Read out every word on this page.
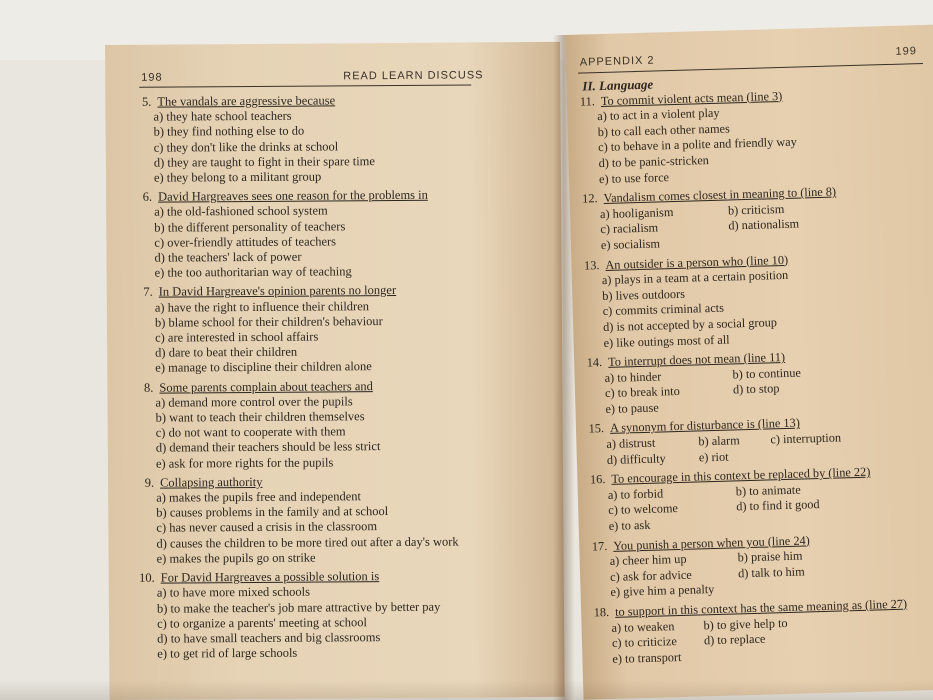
198	READ LEARN DISCUSS
5. The vandals are aggressive because
a) they hate school teachers
b) they find nothing else to do
c) they don't like the drinks at school
d) they are taught to fight in their spare time
e) they belong to a militant group
6. David Hargreaves sees one reason for the problems in
a) the old-fashioned school system
b) the different personality of teachers
c) over-friendly attitudes of teachers
d) the teachers' lack of power
e) the too authoritarian way of teaching
7. In David Hargreave's opinion parents no longer
a) have the right to influence their children
b) blame school for their children's behaviour
c) are interested in school affairs
d) dare to beat their children
e) manage to discipline their children alone
8. Some parents complain about teachers and
a) demand more control over the pupils
b) want to teach their children themselves
c) do not want to cooperate with them
d) demand their teachers should be less strict
e) ask for more rights for the pupils
9. Collapsing authority
a) makes the pupils free and independent
b) causes problems in the family and at school
c) has never caused a crisis in the classroom
d) causes the children to be more tired out after a day's work
e) makes the pupils go on strike
10. For David Hargreaves a possible solution is
a) to have more mixed schools
b) to make the teacher's job mare attractive by better pay
c) to organize a parents' meeting at school
d) to have small teachers and big classrooms
e) to get rid of large schools
APPENDIX 2
199
II. Language
11. To commit violent acts mean (line 3)
a) to act in a violent play
b) to call each other names
c) to behave in a polite and friendly way
d) to be panic-stricken
e) to use force
12. Vandalism comes closest in meaning to (line 8)
a) hooliganism	b) criticism
c) racialism	d) nationalism
e) socialism
13. An outsider is a person who (line 10)
a) plays in a team at a certain position
b) lives outdoors
c) commits criminal acts
d) is not accepted by a social group
e) like outings most of all
14. To interrupt does not mean (line 11)
a) to hinder	b) to continue
c) to break into	d) to stop
e) to pause
15. A synonym for disturbance is (line 13)
a) distrust	b) alarm	c) interruption
d) difficulty	e) riot
16. To encourage in this context be replaced by (line 22)
a) to forbid	b) to animate
c) to welcome	d) to find it good
e) to ask
17. You punish a person when you (line 24)
a) cheer him up	b) praise him
c) ask for advice	d) talk to him
e) give him a penalty
18. to support in this context has the same meaning as (line 27)
a) to weaken	b) to give help to
c) to criticize	d) to replace
e) to transport
